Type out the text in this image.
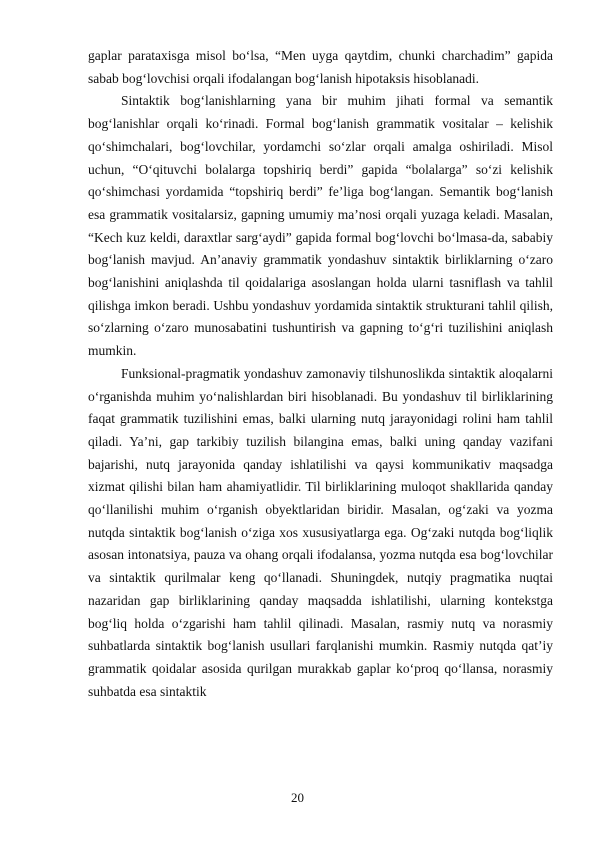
gaplar parataxisga misol bo‘lsa, “Men uyga qaytdim, chunki charchadim” gapida sabab bog‘lovchisi orqali ifodalangan bog‘lanish hipotaksis hisoblanadi.

Sintaktik bog‘lanishlarning yana bir muhim jihati formal va semantik bog‘lanishlar orqali ko‘rinadi. Formal bog‘lanish grammatik vositalar – kelishik qo‘shimchalari, bog‘lovchilar, yordamchi so‘zlar orqali amalga oshiriladi. Misol uchun, “O‘qituvchi bolalarga topshiriq berdi” gapida “bolalarga” so‘zi kelishik qo‘shimchasi yordamida “topshiriq berdi” fe’liga bog‘langan. Semantik bog‘lanish esa grammatik vositalarsiz, gapning umumiy ma’nosi orqali yuzaga keladi. Masalan, “Kech kuz keldi, daraxtlar sarg‘aydi” gapida formal bog‘lovchi bo‘lmasa-da, sababiy bog‘lanish mavjud. An’anaviy grammatik yondashuv sintaktik birliklarning o‘zaro bog‘lanishini aniqlashda til qoidalariga asoslangan holda ularni tasniflash va tahlil qilishga imkon beradi. Ushbu yondashuv yordamida sintaktik strukturani tahlil qilish, so‘zlarning o‘zaro munosabatini tushuntirish va gapning to‘g‘ri tuzilishini aniqlash mumkin.

Funksional-pragmatik yondashuv zamonaviy tilshunoslikda sintaktik aloqalarni o‘rganishda muhim yo‘nalishlardan biri hisoblanadi. Bu yondashuv til birliklarining faqat grammatik tuzilishini emas, balki ularning nutq jarayonidagi rolini ham tahlil qiladi. Ya’ni, gap tarkibiy tuzilish bilangina emas, balki uning qanday vazifani bajarishi, nutq jarayonida qanday ishlatilishi va qaysi kommunikativ maqsadga xizmat qilishi bilan ham ahamiyatlidir. Til birliklarining muloqot shakllarida qanday qo‘llanilishi muhim o‘rganish obyektlaridan biridir. Masalan, og‘zaki va yozma nutqda sintaktik bog‘lanish o‘ziga xos xususiyatlarga ega. Og‘zaki nutqda bog‘liqlik asosan intonatsiya, pauza va ohang orqali ifodalansa, yozma nutqda esa bog‘lovchilar va sintaktik qurilmalar keng qo‘llanadi. Shuningdek, nutqiy pragmatika nuqtai nazaridan gap birliklarining qanday maqsadda ishlatilishi, ularning kontekstga bog‘liq holda o‘zgarishi ham tahlil qilinadi. Masalan, rasmiy nutq va norasmiy suhbatlarda sintaktik bog‘lanish usullari farqlanishi mumkin. Rasmiy nutqda qat’iy grammatik qoidalar asosida qurilgan murakkab gaplar ko‘proq qo‘llansa, norasmiy suhbatda esa sintaktik

20
